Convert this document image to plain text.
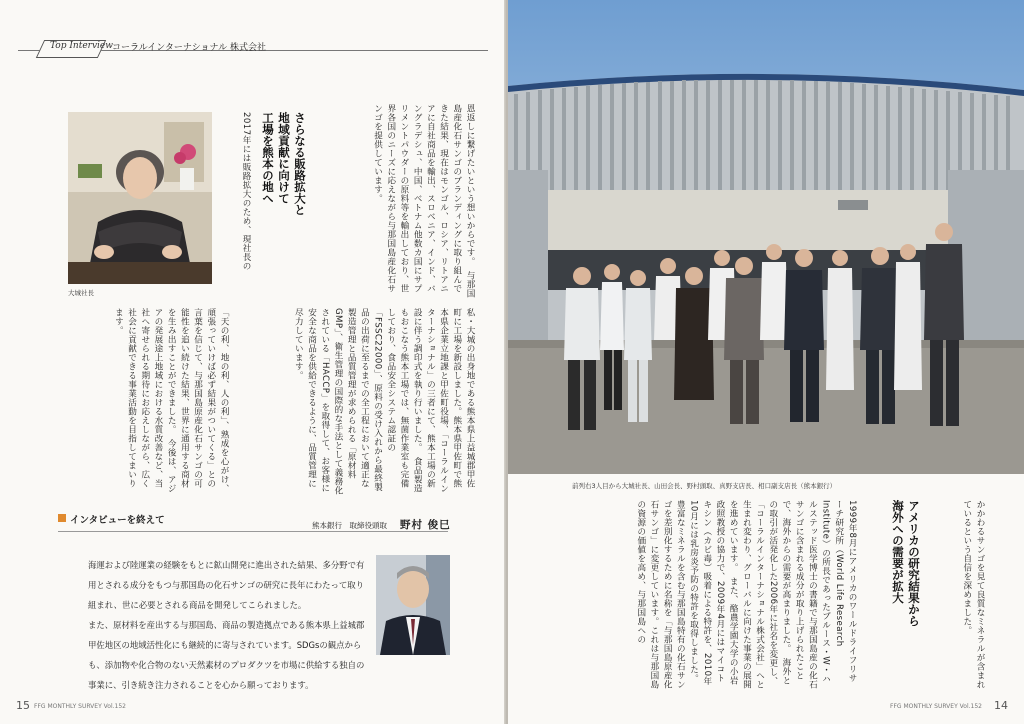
Top Interview コーラルインターナショナル 株式会社
大城社長

さらなる販路拡大と

地域貢献に向けて

工場を熊本の地へ

2017年には販路拡大のため、現社長の	恩返しに繋げたいという想いからです。　与那国島産化石サンゴのブランディングに取り組んできた結果、現在はモンゴル、ロシア、リトアニアに自社商品を輸出、スロベニア、インド、バングラデシュ、中国、ベトナム他数カ国にサプリメントパウダーの原料等を輸出しており、世界各国のニーズに応えながら与那国島産化石サンゴを提供しています。

私・大城の出身地である熊本県上益城郡甲佐町に工場を新設しました。熊本県甲佐町で熊本県企業立地課と甲佐町役場、「コーラルインターナショナル」の三者にて、熊本工場の新設に伴う調印式を執り行いました。　食品製造もおこなう熊本工場では、無菌作業室も完備しており、食品安全システム認証の「FSSC22000」、原料の受け入れから最終製品の出荷に至るまでの全工程において適正な製造管理と品質管理が求められる「原材料GMP」、衛生管理の国際的な手法として義務化されている「HACCP」を取得して、お客様に安全な商品を供給できるように、品質管理に尽力しています。

「天の利、地の利、人の利」、熟成を心がけ、頑張っていけば必ず結果がついてくる」との言葉を信じて、与那国島原産化石サンゴの可能性を追い続けた結果、世界に通用する商材を生み出すことができました。　今後は、アジアの発展途上地域における水質改善など、当社へ寄せられる期待にお応えしながら、広く社会に貢献できる事業活動を目指してまいります。

インタビューを終えて	熊本銀行　取締役頭取 野村 俊巳

海運および陸運業の経験をもとに鉱山開発に進出された結果、多分野で有用とされる成分をもつ与那国島の化石サンゴの研究に長年にわたって取り組まれ、世に必要とされる商品を開発してこられました。

また、原材料を産出する与那国島、商品の製造拠点である熊本県上益城郡甲佐地区の地域活性化にも継続的に寄与されています。SDGsの観点からも、添加物や化合物のない天然素材のプロダクツを市場に供給する独自の事業に、引き続き注力されることを心から願っております。

15 FFG MONTHLY SURVEY Vol.152
前列右3人目から大城社長、山田会長、野村頭取、真野支店長、相口副支店長（熊本銀行）

かかわるサンゴを見て良質なミネラルが含まれているという自信を深めました。

アメリカの研究結果から

海外への需要が拡大

1999年8月にアメリカのワールドライフリサーチ研究所（World Life Research Institute）の所長であったブルース・W・ハルステッド医学博士の書籍で与那国島産の化石サンゴに含まれる成分が取り上げられたことで、海外からの需要が高まりました。　海外との取引が活発化した2006年に社名を変更し、「コーラルインターナショナル株式会社」へと生まれ変わり、グローバルに向けた事業の展開を進めています。　また、酪農学園大学の小岩政照教授の協力で、2009年4月にはマイコトキシン（カビ毒）吸着による特許を、2010年10月には乳房炎予防の特許を取得しました。　豊富なミネラルを含む与那国島特有の化石サンゴを差別化するために名称を「与那国島原産化石サンゴ」に変更しています。これは与那国島の資源の価値を高め、与那国島への

FFG MONTHLY SURVEY Vol.152 14
